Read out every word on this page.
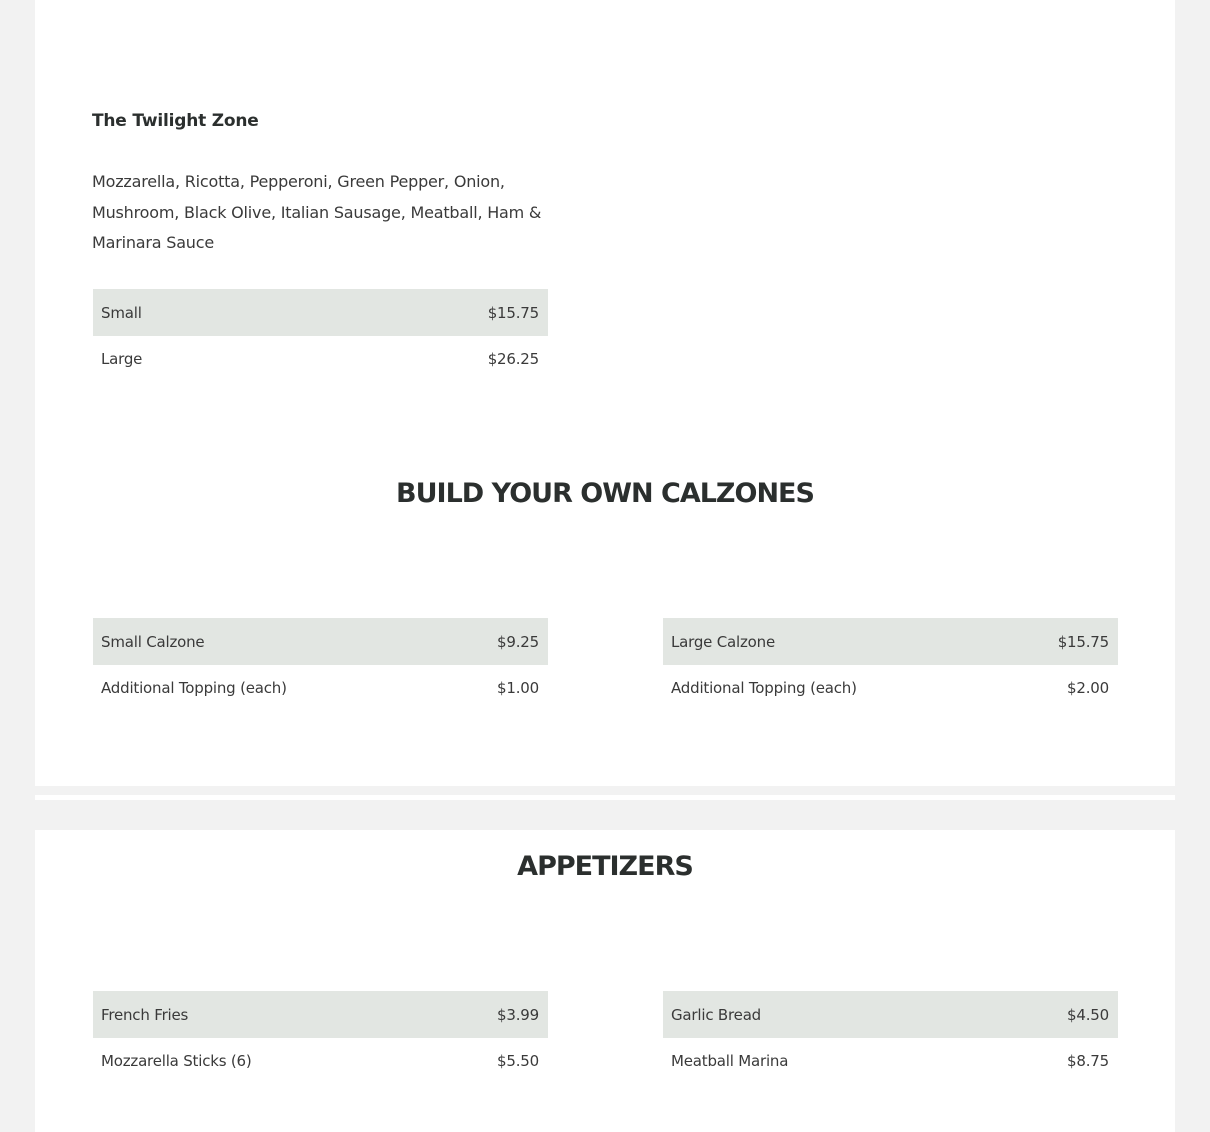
The Twilight Zone

Mozzarella, Ricotta, Pepperoni, Green Pepper, Onion, Mushroom, Black Olive, Italian Sausage, Meatball, Ham & Marinara Sauce

Small	$15.75
Large	$26.25
BUILD YOUR OWN CALZONES
Small Calzone	$9.25
Additional Topping (each)	$1.00
Large Calzone	$15.75
Additional Topping (each)	$2.00
APPETIZERS
French Fries	$3.99
Mozzarella Sticks (6)	$5.50
Garlic Bread	$4.50
Meatball Marina	$8.75
